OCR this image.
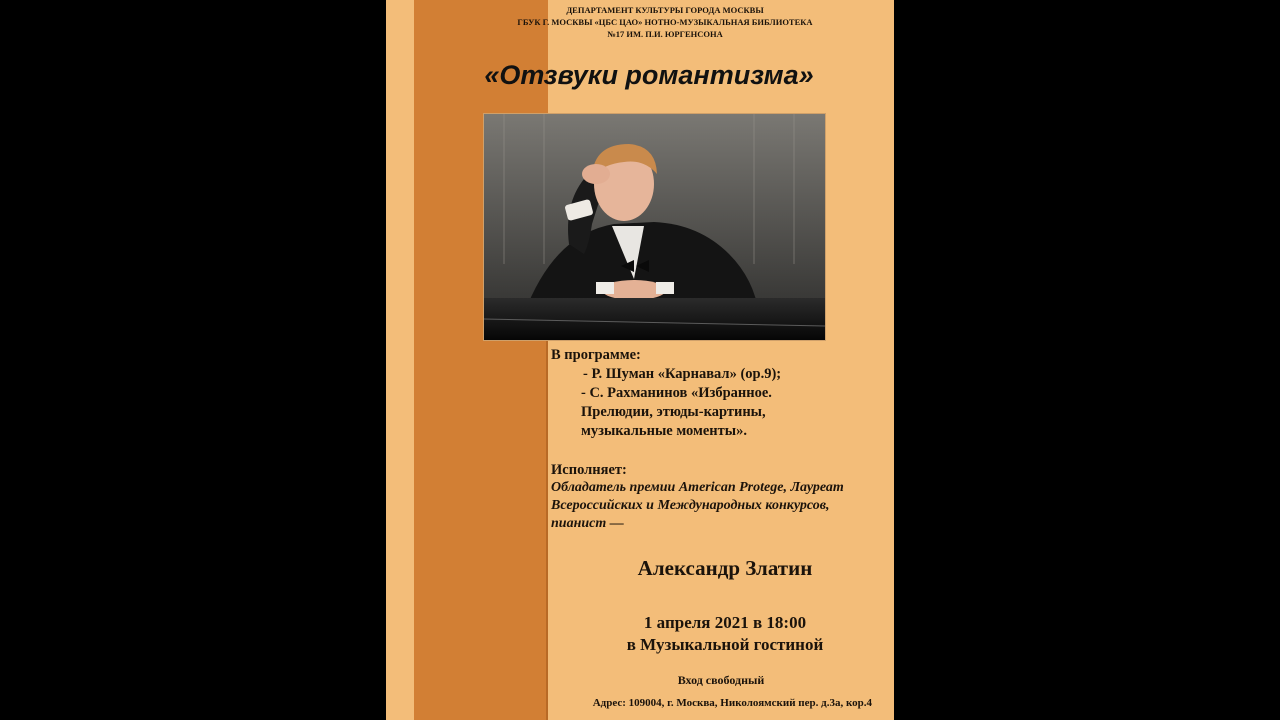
ДЕПАРТАМЕНТ КУЛЬТУРЫ ГОРОДА МОСКВЫ
ГБУК Г. МОСКВЫ «ЦБС ЦАО» НОТНО-МУЗЫКАЛЬНАЯ БИБЛИОТЕКА
№17 ИМ. П.И. ЮРГЕНСОНА
«Отзвуки романтизма»
В программе:
- Р. Шуман «Карнавал» (ор.9);
- С. Рахманинов «Избранное.
Прелюдии, этюды-картины,
музыкальные моменты».
Исполняет:
Обладатель премии American Protege, Лауреат
Всероссийских и Международных конкурсов,
пианист —
Александр Златин
1 апреля 2021 в 18:00
в Музыкальной гостиной
Вход свободный
Адрес: 109004, г. Москва, Николоямский пер. д.3а, кор.4
